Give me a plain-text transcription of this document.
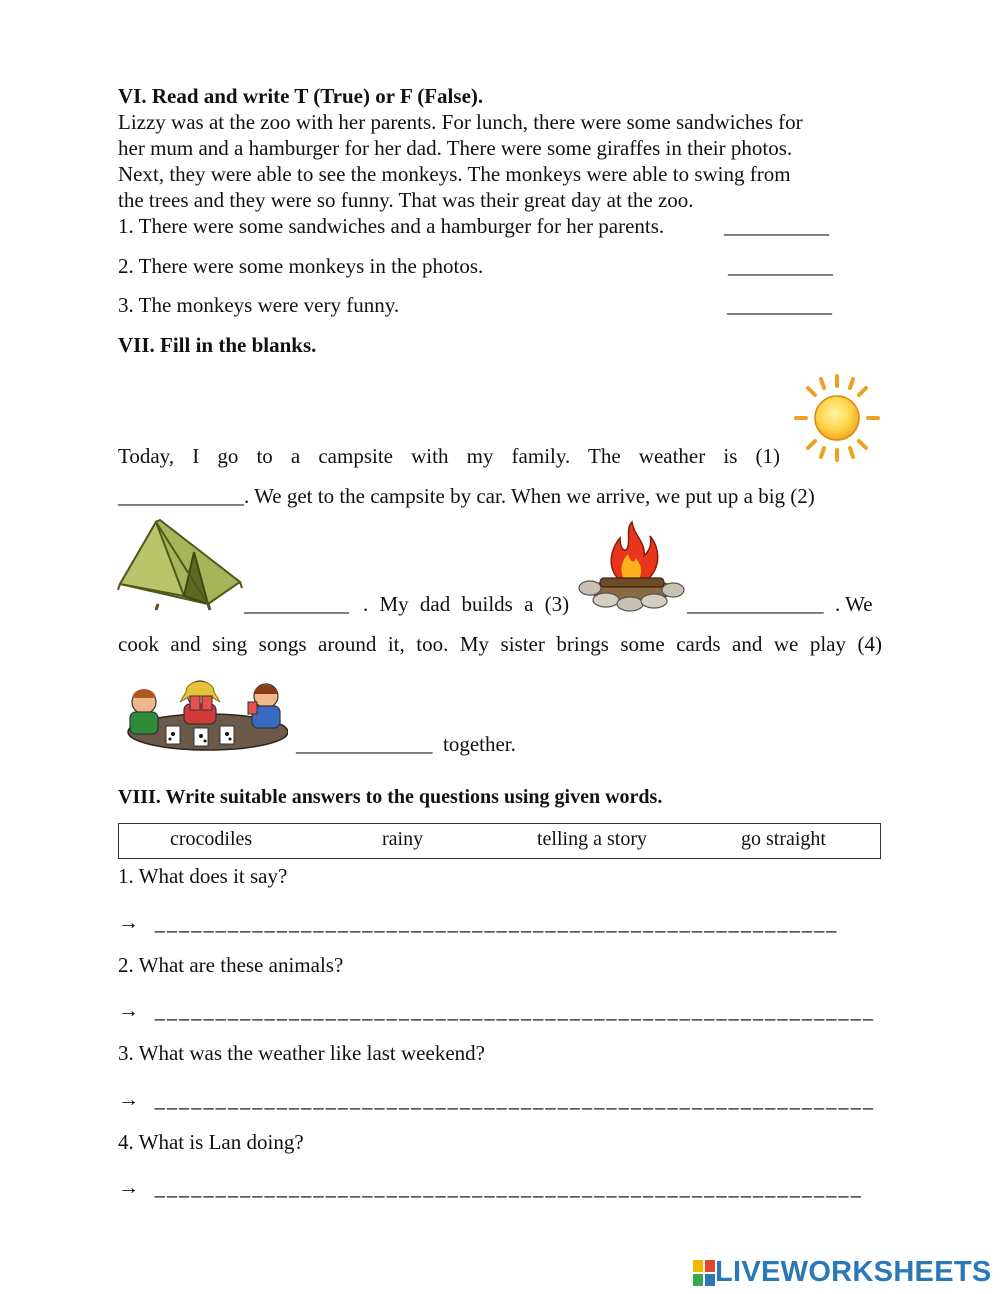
VI. Read and write T (True) or F (False).
Lizzy was at the zoo with her parents. For lunch, there were some sandwiches for
her mum and a hamburger for her dad. There were some giraffes in their photos.
Next, they were able to see the monkeys. The monkeys were able to swing from
the trees and they were so funny. That was their great day at the zoo.
1. There were some sandwiches and a hamburger for her parents.	__________
2. There were some monkeys in the photos.	__________
3. The monkeys were very funny.	__________
VII. Fill in the blanks.
Today, I go to a campsite with my family. The weather is (1)
____________. We get to the campsite by car. When we arrive, we put up a big (2)
__________ . My dad builds a (3)	_____________ . We
cook and sing songs around it, too. My sister brings some cards and we play (4)
_____________ together.
VIII. Write suitable answers to the questions using given words.
crocodiles	rainy	telling a story	go straight
1. What does it say?
→ ________________________________________________________
2. What are these animals?
→ ___________________________________________________________
3. What was the weather like last weekend?
→ ___________________________________________________________
4. What is Lan doing?
→ __________________________________________________________
LIVEWORKSHEETS
